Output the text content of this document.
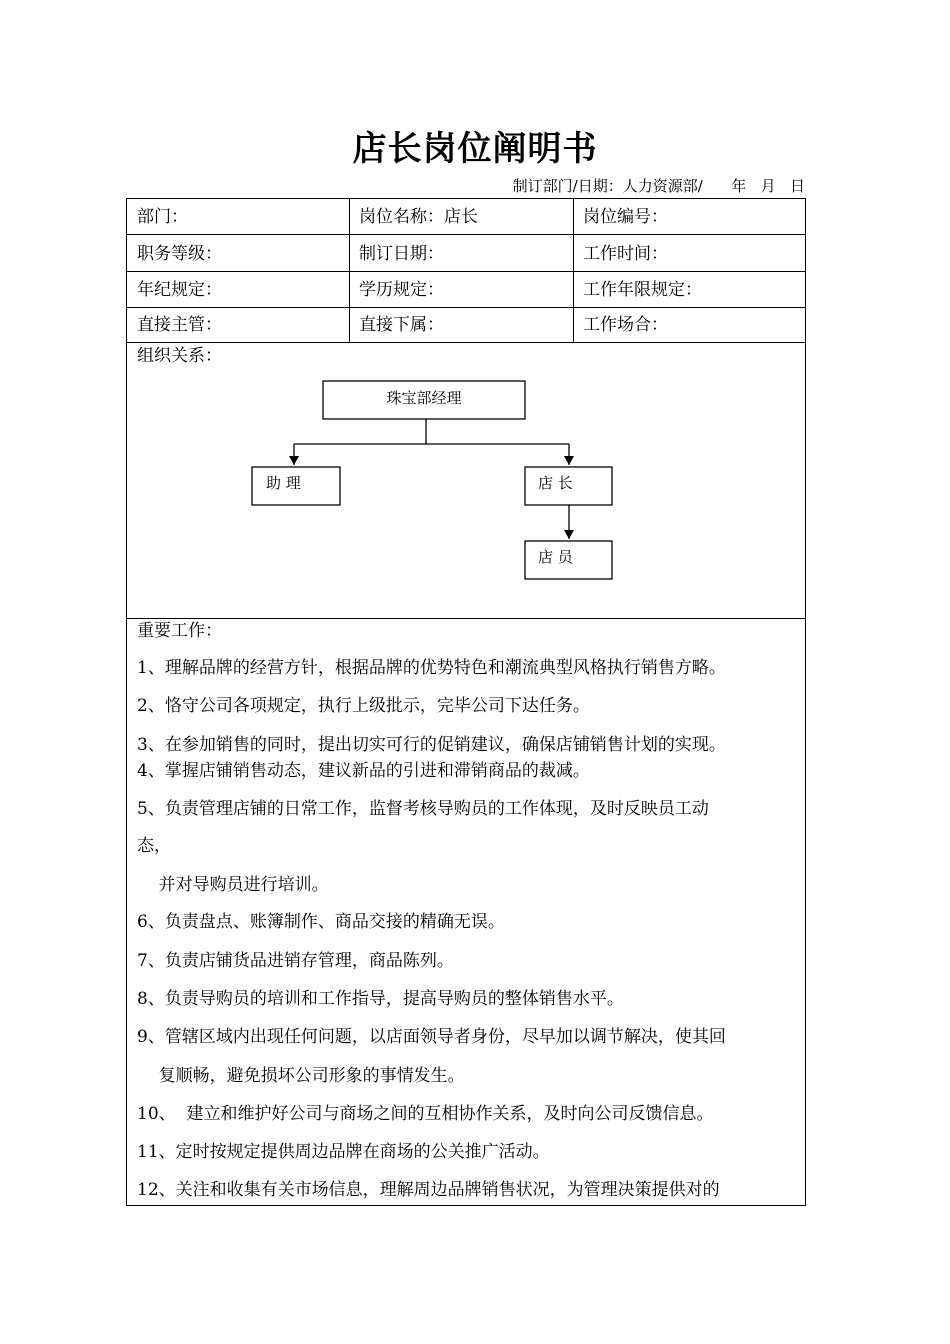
店长岗位阐明书
制订部门/日期：人力资源部/      年   月   日
部门：	岗位名称：店长	岗位编号：
职务等级：	制订日期：	工作时间：
年纪规定：	学历规定：	工作年限规定：
直接主管：	直接下属：	工作场合：
组织关系：
珠宝部经理
助 理	店 长
店 员
重要工作：
1、理解品牌的经营方针，根据品牌的优势特色和潮流典型风格执行销售方略。
2、恪守公司各项规定，执行上级批示，完毕公司下达任务。
3、在参加销售的同时，提出切实可行的促销建议，确保店铺销售计划的实现。
4、掌握店铺销售动态，建议新品的引进和滞销商品的裁减。
5、负责管理店铺的日常工作，监督考核导购员的工作体现，及时反映员工动
态，
并对导购员进行培训。
6、负责盘点、账簿制作、商品交接的精确无误。
7、负责店铺货品进销存管理，商品陈列。
8、负责导购员的培训和工作指导，提高导购员的整体销售水平。
9、管辖区域内出现任何问题，以店面领导者身份，尽早加以调节解决，使其回
复顺畅，避免损坏公司形象的事情发生。
10、  建立和维护好公司与商场之间的互相协作关系，及时向公司反馈信息。
11、定时按规定提供周边品牌在商场的公关推广活动。
12、关注和收集有关市场信息，理解周边品牌销售状况，为管理决策提供对的
